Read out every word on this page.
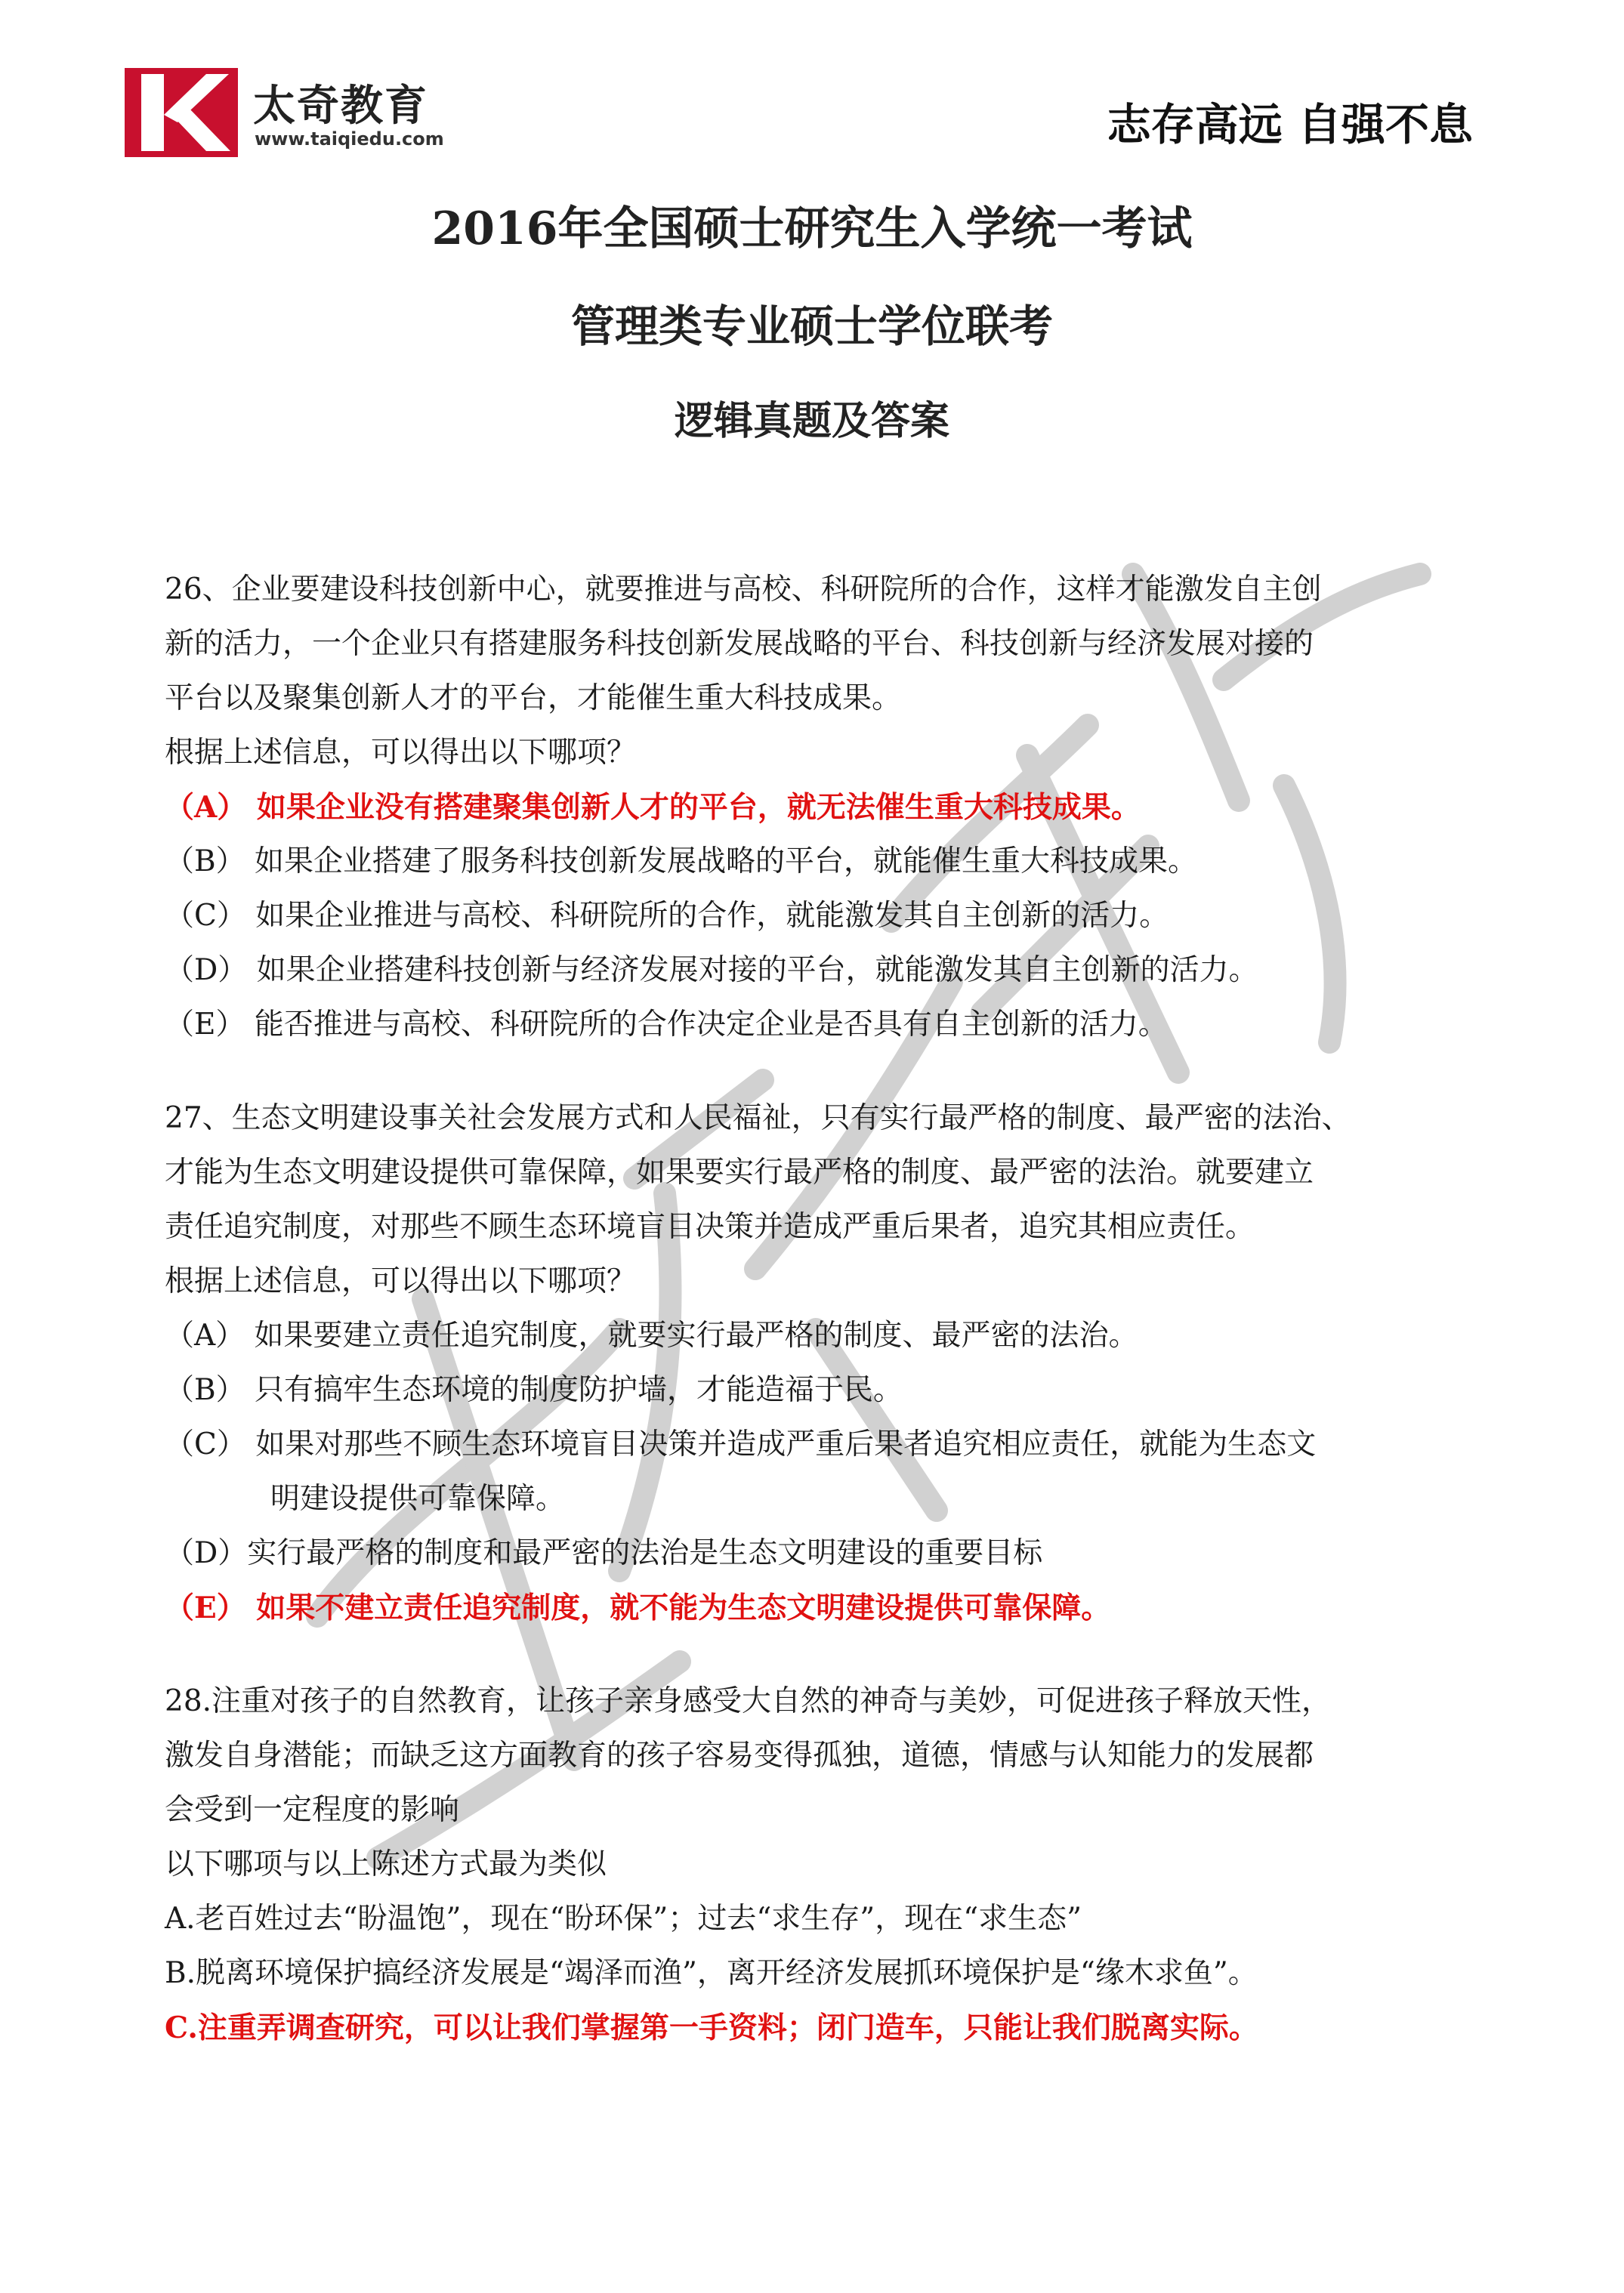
太奇教育
www.taiqiedu.com	志存高远 自强不息
2016年全国硕士研究生入学统一考试
管理类专业硕士学位联考
逻辑真题及答案
26、企业要建设科技创新中心，就要推进与高校、科研院所的合作，这样才能激发自主创
新的活力，一个企业只有搭建服务科技创新发展战略的平台、科技创新与经济发展对接的
平台以及聚集创新人才的平台，才能催生重大科技成果。
根据上述信息，可以得出以下哪项？
（A） 如果企业没有搭建聚集创新人才的平台，就无法催生重大科技成果。
（B） 如果企业搭建了服务科技创新发展战略的平台，就能催生重大科技成果。
（C） 如果企业推进与高校、科研院所的合作，就能激发其自主创新的活力。
（D） 如果企业搭建科技创新与经济发展对接的平台，就能激发其自主创新的活力。
（E） 能否推进与高校、科研院所的合作决定企业是否具有自主创新的活力。
27、生态文明建设事关社会发展方式和人民福祉，只有实行最严格的制度、最严密的法治、
才能为生态文明建设提供可靠保障，如果要实行最严格的制度、最严密的法治。就要建立
责任追究制度，对那些不顾生态环境盲目决策并造成严重后果者，追究其相应责任。
根据上述信息，可以得出以下哪项？
（A） 如果要建立责任追究制度，就要实行最严格的制度、最严密的法治。
（B） 只有搞牢生态环境的制度防护墙，才能造福于民。
（C） 如果对那些不顾生态环境盲目决策并造成严重后果者追究相应责任，就能为生态文
明建设提供可靠保障。
（D）实行最严格的制度和最严密的法治是生态文明建设的重要目标
（E） 如果不建立责任追究制度，就不能为生态文明建设提供可靠保障。
28.注重对孩子的自然教育，让孩子亲身感受大自然的神奇与美妙，可促进孩子释放天性，
激发自身潜能；而缺乏这方面教育的孩子容易变得孤独，道德，情感与认知能力的发展都
会受到一定程度的影响
以下哪项与以上陈述方式最为类似
A.老百姓过去“盼温饱”，现在“盼环保”；过去“求生存”，现在“求生态”
B.脱离环境保护搞经济发展是“竭泽而渔”，离开经济发展抓环境保护是“缘木求鱼”。
C.注重弄调查研究，可以让我们掌握第一手资料；闭门造车，只能让我们脱离实际。
